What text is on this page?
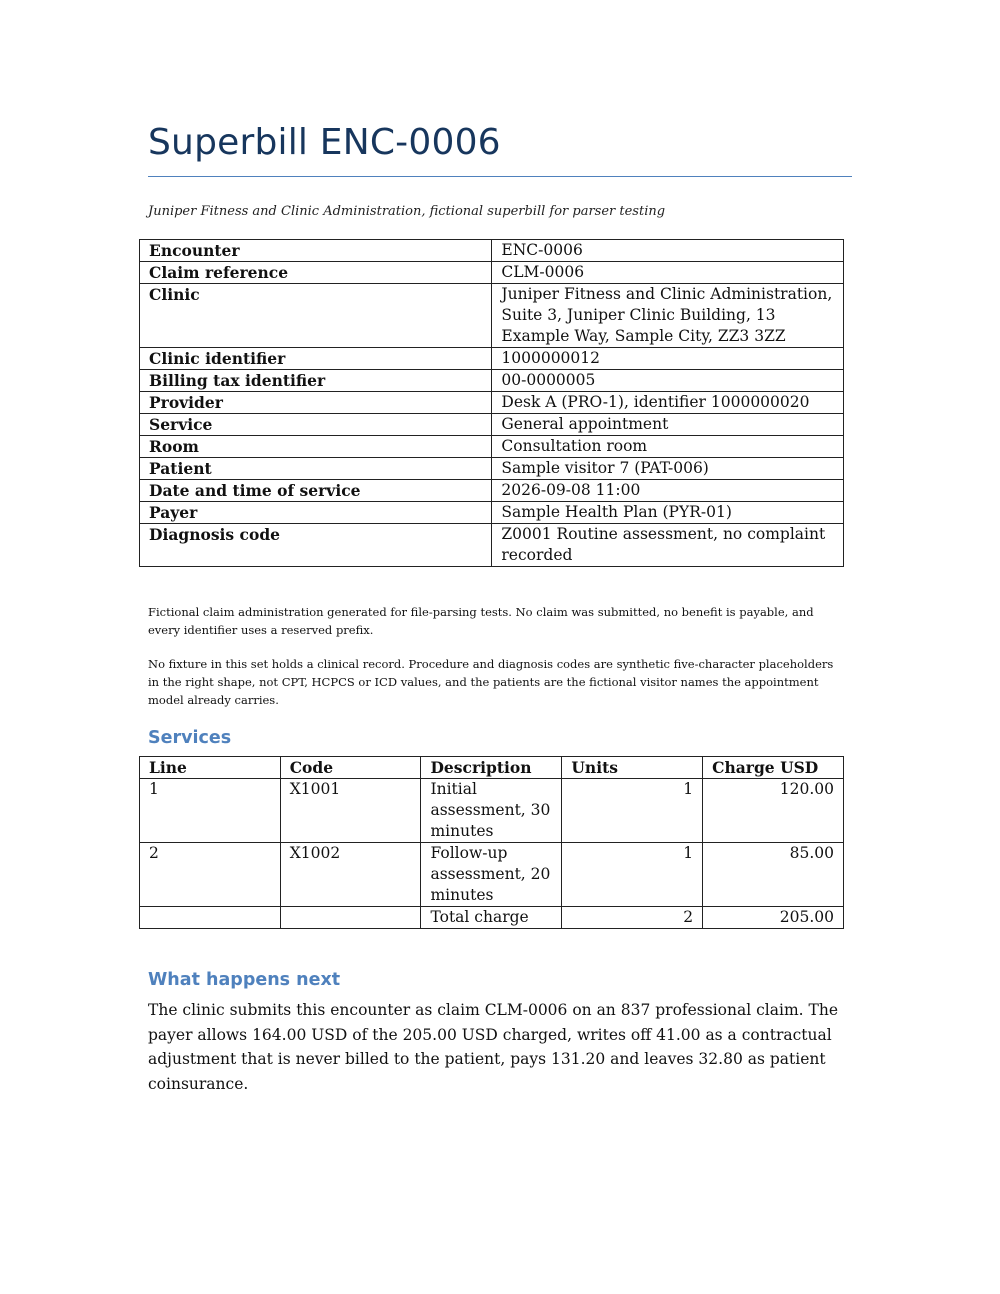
Superbill ENC-0006
Juniper Fitness and Clinic Administration, fictional superbill for parser testing
Encounter	ENC-0006
Claim reference	CLM-0006
Clinic	Juniper Fitness and Clinic Administration, Suite 3, Juniper Clinic Building, 13 Example Way, Sample City, ZZ3 3ZZ
Clinic identifier	1000000012
Billing tax identifier	00-0000005
Provider	Desk A (PRO-1), identifier 1000000020
Service	General appointment
Room	Consultation room
Patient	Sample visitor 7 (PAT-006)
Date and time of service	2026-09-08 11:00
Payer	Sample Health Plan (PYR-01)
Diagnosis code	Z0001 Routine assessment, no complaint recorded
Fictional claim administration generated for file-parsing tests. No claim was submitted, no benefit is payable, and every identifier uses a reserved prefix.
No fixture in this set holds a clinical record. Procedure and diagnosis codes are synthetic five-character placeholders in the right shape, not CPT, HCPCS or ICD values, and the patients are the fictional visitor names the appointment model already carries.
Services
Line	Code	Description	Units	Charge USD
1	X1001	Initial assessment, 30 minutes	1	120.00
2	X1002	Follow-up assessment, 20 minutes	1	85.00
		Total charge	2	205.00
What happens next
The clinic submits this encounter as claim CLM-0006 on an 837 professional claim. The payer allows 164.00 USD of the 205.00 USD charged, writes off 41.00 as a contractual adjustment that is never billed to the patient, pays 131.20 and leaves 32.80 as patient coinsurance.
